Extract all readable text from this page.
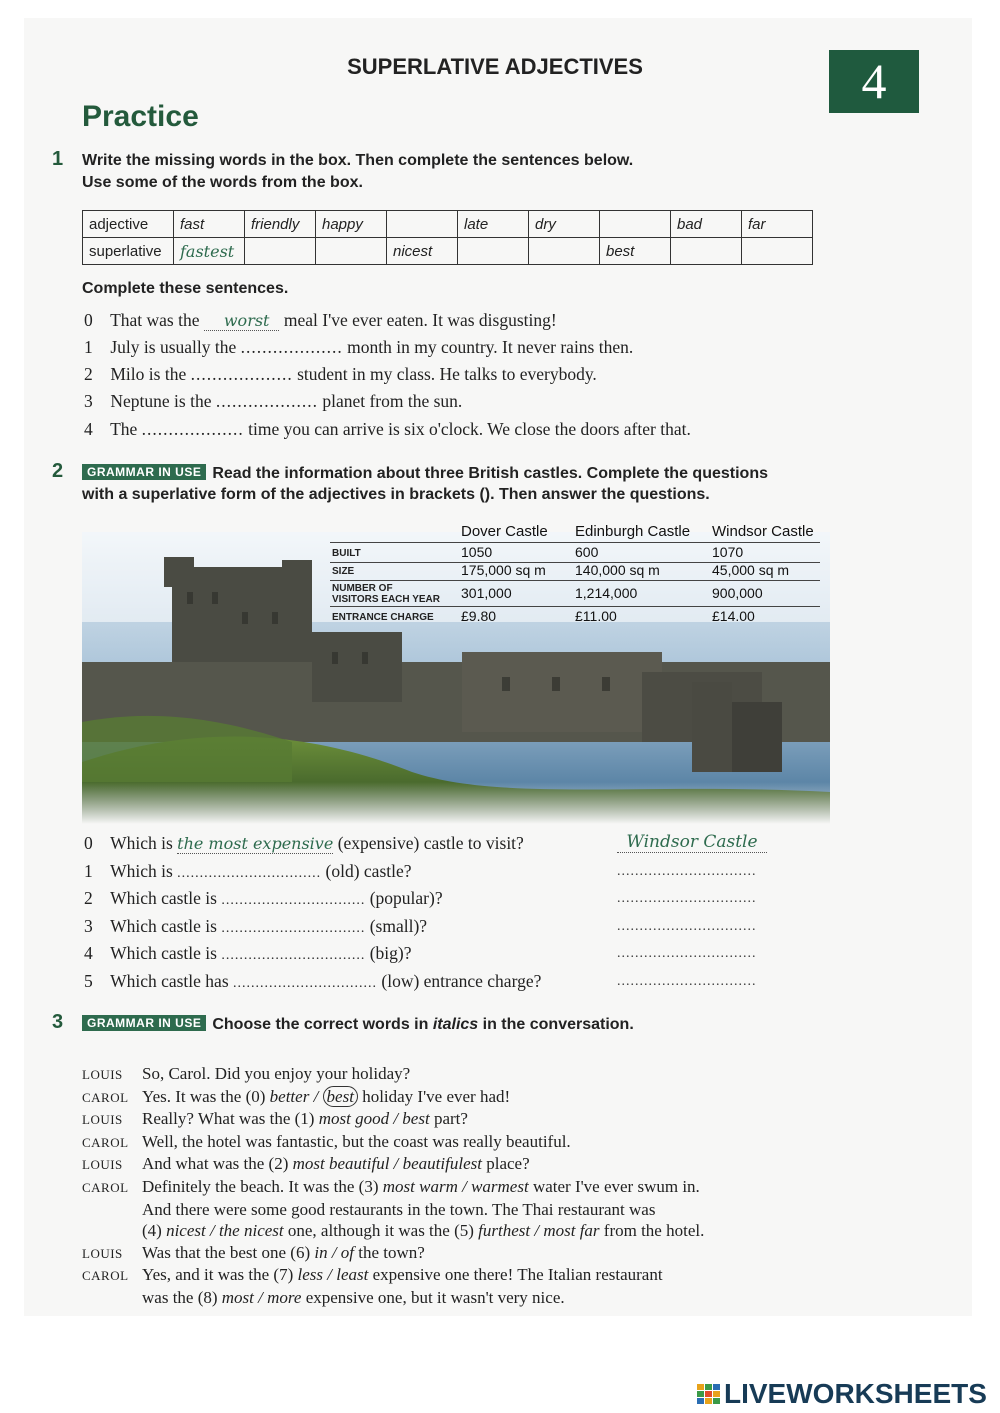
SUPERLATIVE ADJECTIVES	4
Practice
1 Write the missing words in the box. Then complete the sentences below.
Use some of the words from the box.
adjective	fast	friendly	happy		late	dry		bad	far
superlative	fastest			nicest			best		
Complete these sentences.
0 That was the worst meal I've ever eaten. It was disgusting!
1 July is usually the ................... month in my country. It never rains then.
2 Milo is the ................... student in my class. He talks to everybody.
3 Neptune is the ................... planet from the sun.
4 The ................... time you can arrive is six o'clock. We close the doors after that.
2	GRAMMAR IN USE Read the information about three British castles. Complete the questions
with a superlative form of the adjectives in brackets (). Then answer the questions.
Dover Castle Edinburgh Castle Windsor Castle
BUILT	1050	600	1070
SIZE	175,000 sq m 140,000 sq m	45,000 sq m
NUMBER OF
VISITORS EACH YEAR 301,000	1,214,000	900,000
ENTRANCE CHARGE £9.80	£11.00	£14.00
0 Which is the most expensive (expensive) castle to visit?	Windsor Castle
1 Which is ................................ (old) castle?	...............................
2 Which castle is ................................ (popular)?	...............................
3 Which castle is ................................ (small)?	...............................
4 Which castle is ................................ (big)?	...............................
5 Which castle has ................................ (low) entrance charge?	...............................
3	GRAMMAR IN USE Choose the correct words in italics in the conversation.
LOUIS So, Carol. Did you enjoy your holiday?
CAROL Yes. It was the (0) better / best holiday I've ever had!
LOUIS Really? What was the (1) most good / best part?
CAROL Well, the hotel was fantastic, but the coast was really beautiful.
LOUIS And what was the (2) most beautiful / beautifulest place?
CAROL Definitely the beach. It was the (3) most warm / warmest water I've ever swum in.
And there were some good restaurants in the town. The Thai restaurant was
(4) nicest / the nicest one, although it was the (5) furthest / most far from the hotel.
LOUIS Was that the best one (6) in / of the town?
CAROL Yes, and it was the (7) less / least expensive one there! The Italian restaurant
was the (8) most / more expensive one, but it wasn't very nice.
LIVEWORKSHEETS
